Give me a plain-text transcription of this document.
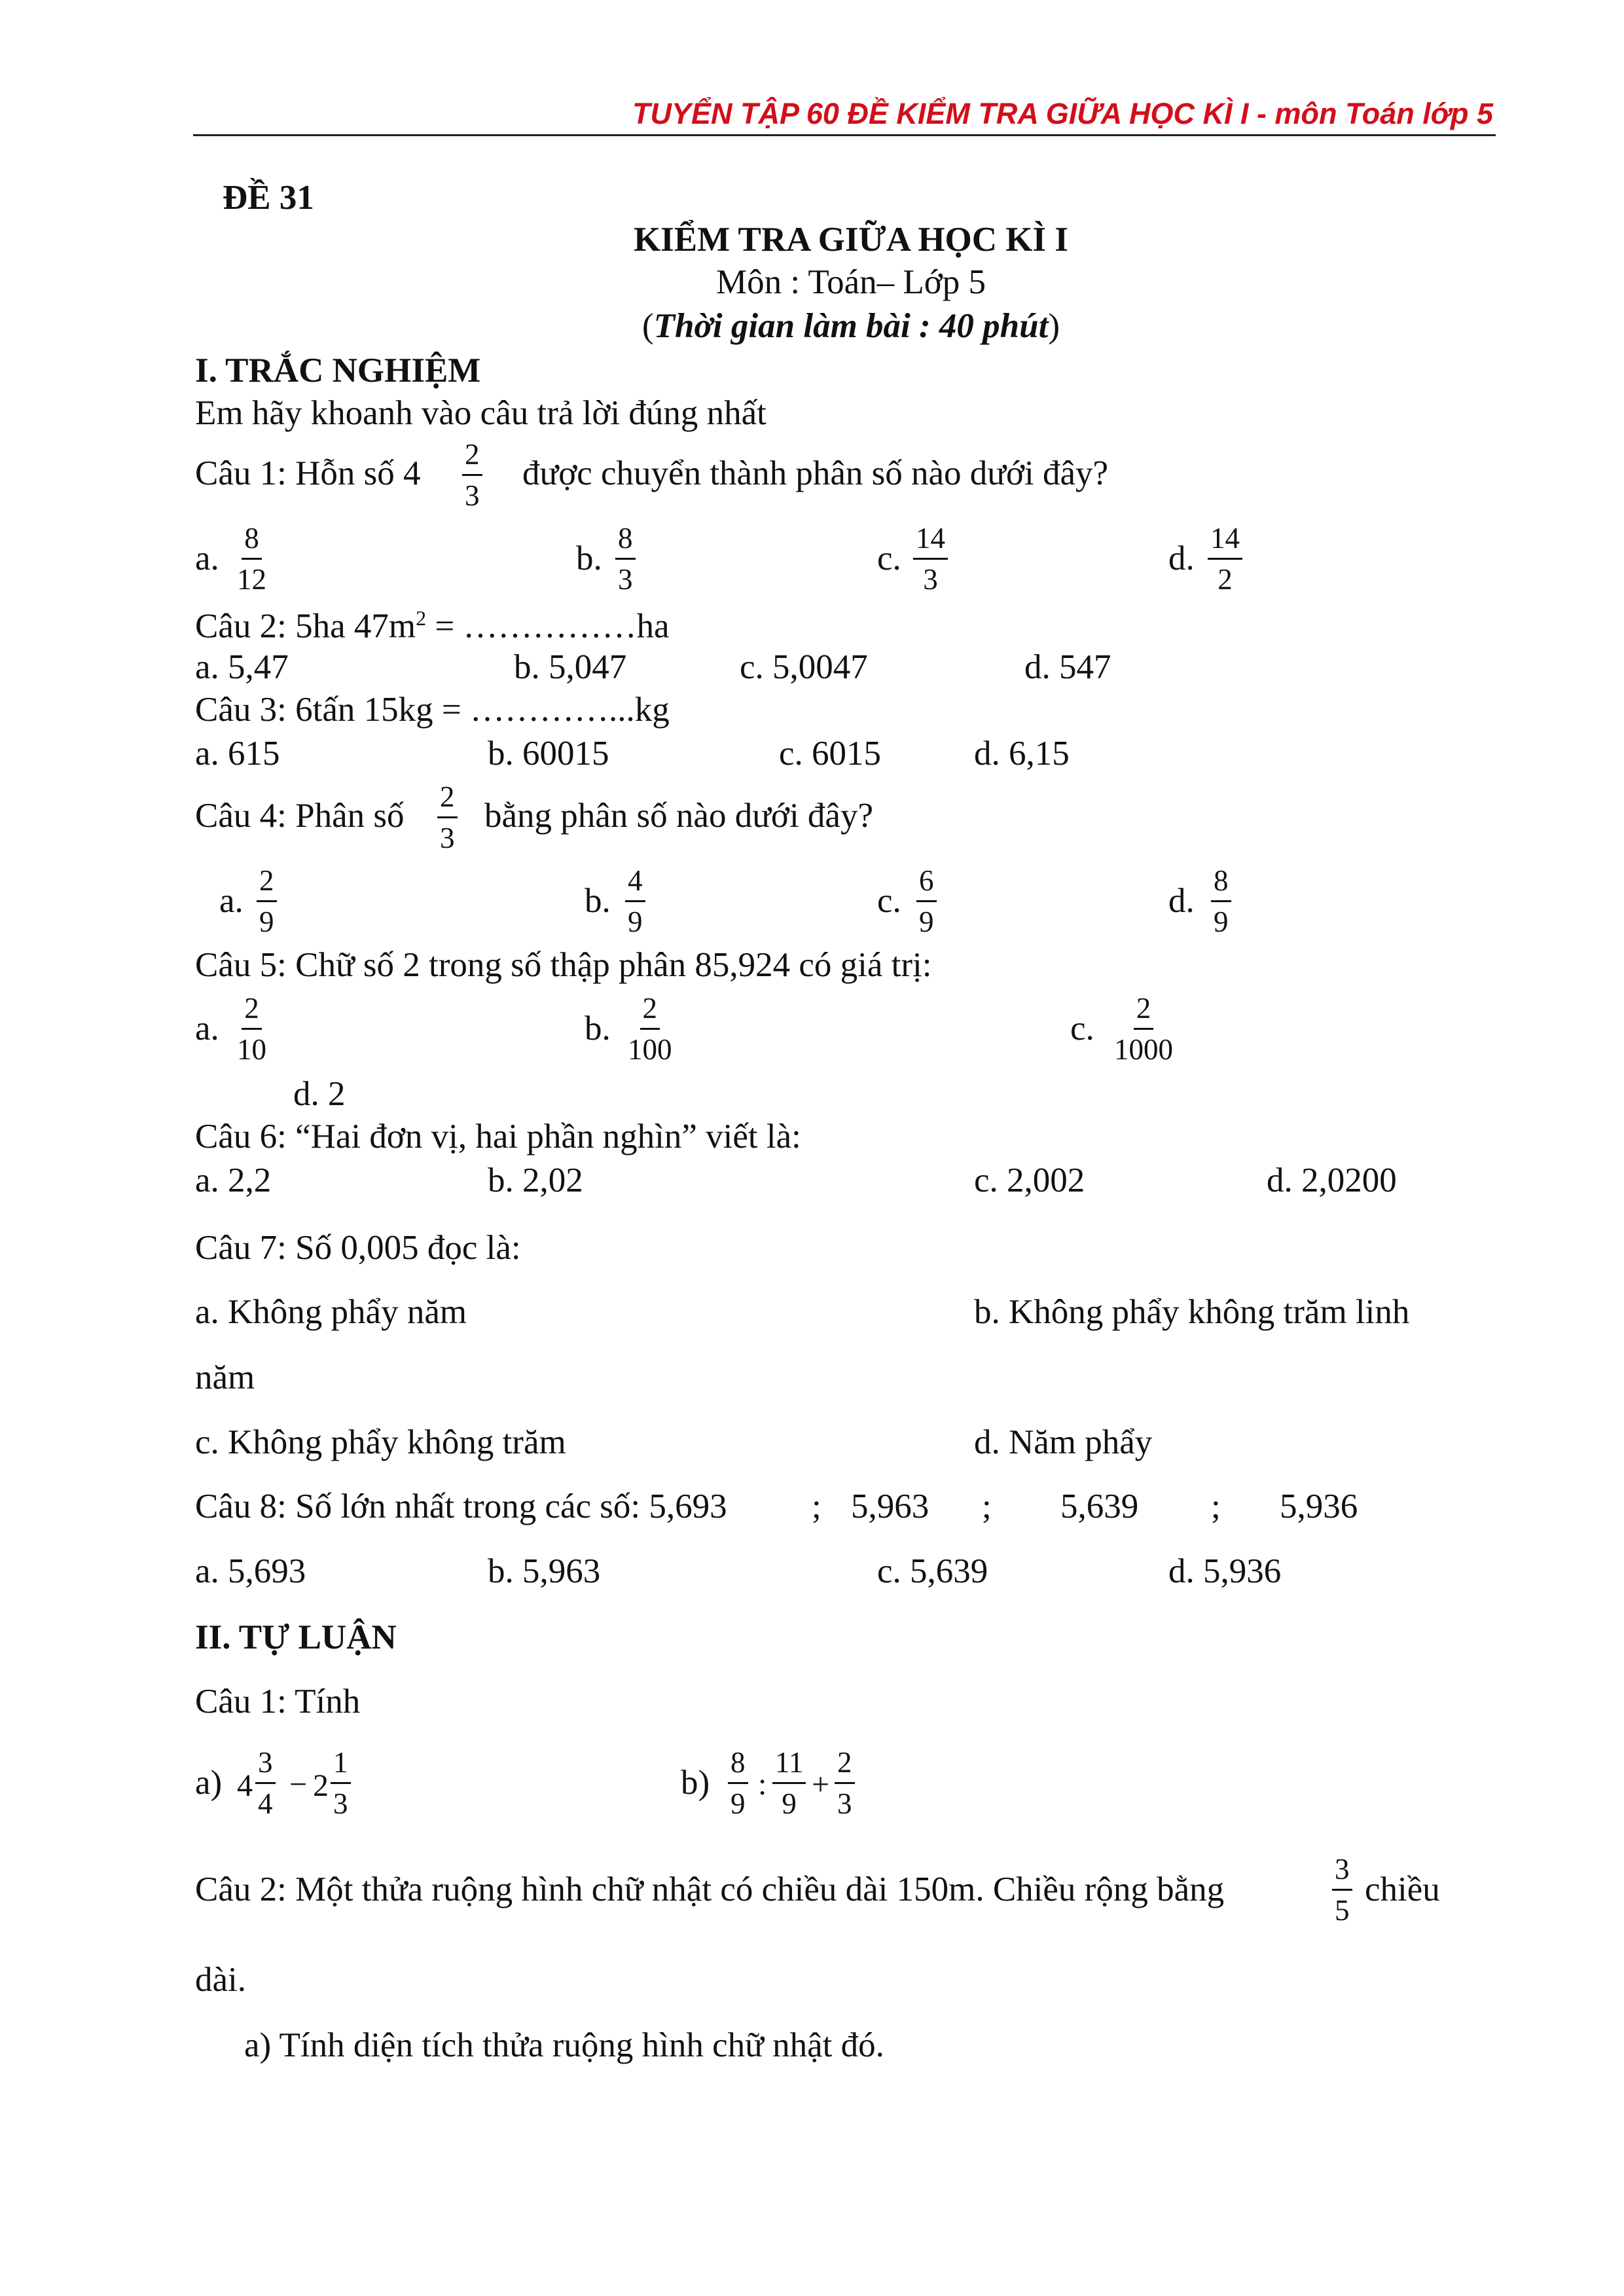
TUYỂN TẬP 60 ĐỀ KIỂM TRA GIỮA HỌC KÌ I - môn Toán lớp 5
ĐỀ 31
KIỂM TRA GIỮA HỌC KÌ I
Môn : Toán– Lớp 5
(Thời gian làm bài : 40 phút)
I. TRẮC NGHIỆM
Em hãy khoanh vào câu trả lời đúng nhất
Câu 1: Hỗn số $4 \frac{2}{3}$ được chuyển thành phân số nào dưới đây?
a. $\frac{8}{12}$	b. $\frac{8}{3}$	c. $\frac{14}{3}$	d. $\frac{14}{2}$
Câu 2: 5ha $47m^2$ = ……………ha
a. 5,47	b. 5,047	c. 5,0047	d. 547
Câu 3: 6tấn 15kg = …………...kg
a. 615	b. 60015	c. 6015	d. 6,15
Câu 4: Phân số $\frac{2}{3}$ bằng phân số nào dưới đây?
a. $\frac{2}{9}$	b. $\frac{4}{9}$	c. $\frac{6}{9}$	d. $\frac{8}{9}$
Câu 5: Chữ số 2 trong số thập phân 85,924 có giá trị:
a. $\frac{2}{10}$	b. $\frac{2}{100}$	c. $\frac{2}{1000}$
d. 2
Câu 6: “Hai đơn vị, hai phần nghìn” viết là:
a. 2,2	b. 2,02	c. 2,002	d. 2,0200
Câu 7: Số 0,005 đọc là:
a. Không phẩy năm	b. Không phẩy không trăm linh
năm
c. Không phẩy không trăm	d. Năm phẩy
Câu 8: Số lớn nhất trong các số: 5,693 ; 5,963 ; 5,639 ; 5,936
a. 5,693	b. 5,963	c. 5,639	d. 5,936
II. TỰ LUẬN
Câu 1: Tính
a) $4 \frac{3}{4} - 2 \frac{1}{3}$	$b) \frac{8}{9}$ : $\frac{11}{9} + \frac{2}{3}$
Câu 2: Một thửa ruộng hình chữ nhật có chiều dài 150m. Chiều rộng bằng	$\frac{3}{5}$ chiều
dài.
a) Tính diện tích thửa ruộng hình chữ nhật đó.
